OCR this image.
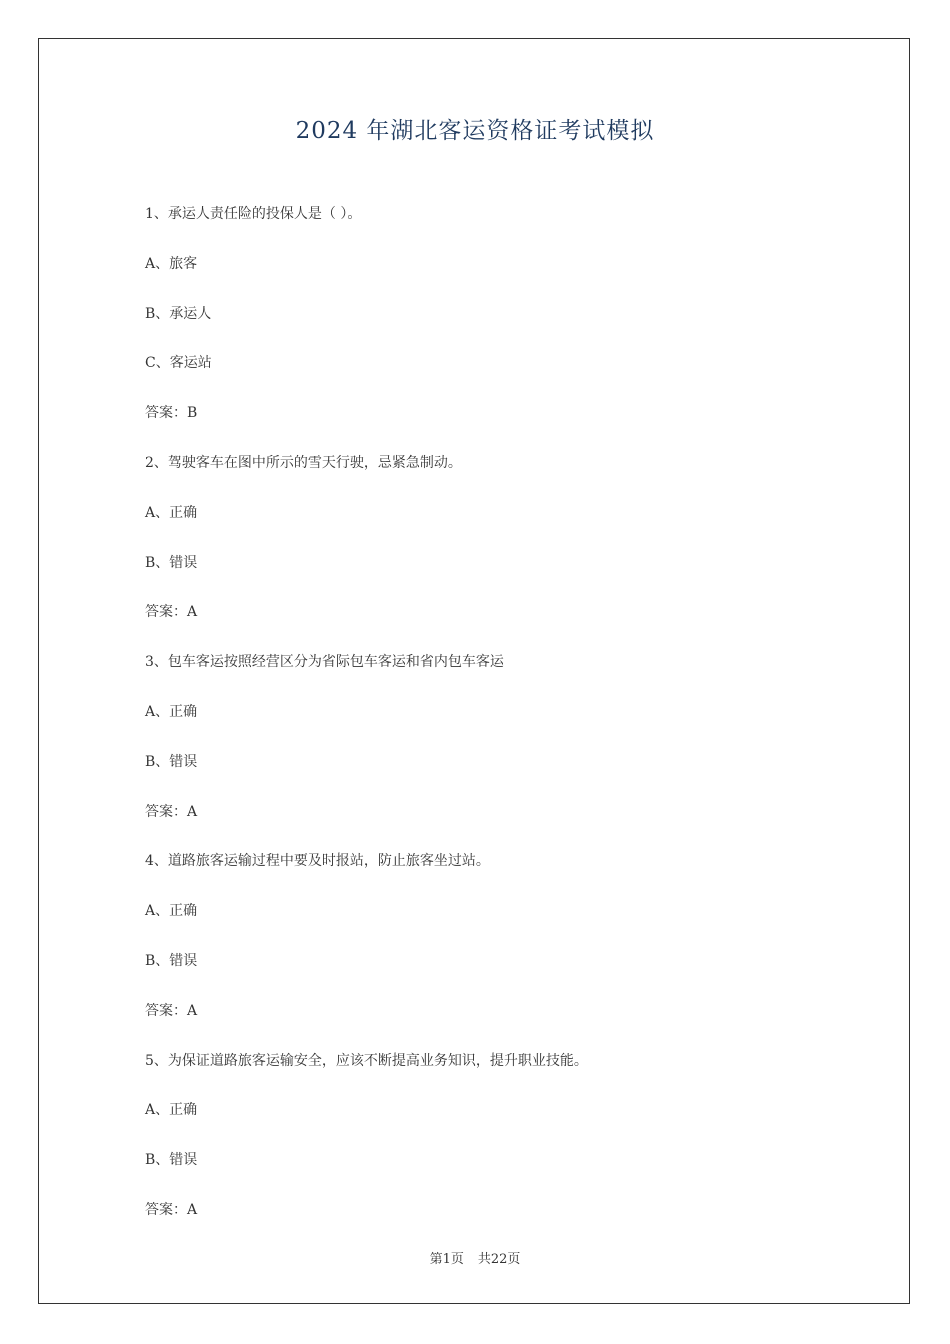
2024 年湖北客运资格证考试模拟
1、承运人责任险的投保人是（ ）。
A、旅客
B、承运人
C、客运站
答案：B
2、驾驶客车在图中所示的雪天行驶，忌紧急制动。
A、正确
B、错误
答案：A
3、包车客运按照经营区分为省际包车客运和省内包车客运
A、正确
B、错误
答案：A
4、道路旅客运输过程中要及时报站，防止旅客坐过站。
A、正确
B、错误
答案：A
5、为保证道路旅客运输安全，应该不断提高业务知识，提升职业技能。
A、正确
B、错误
答案：A
第1页 共22页
